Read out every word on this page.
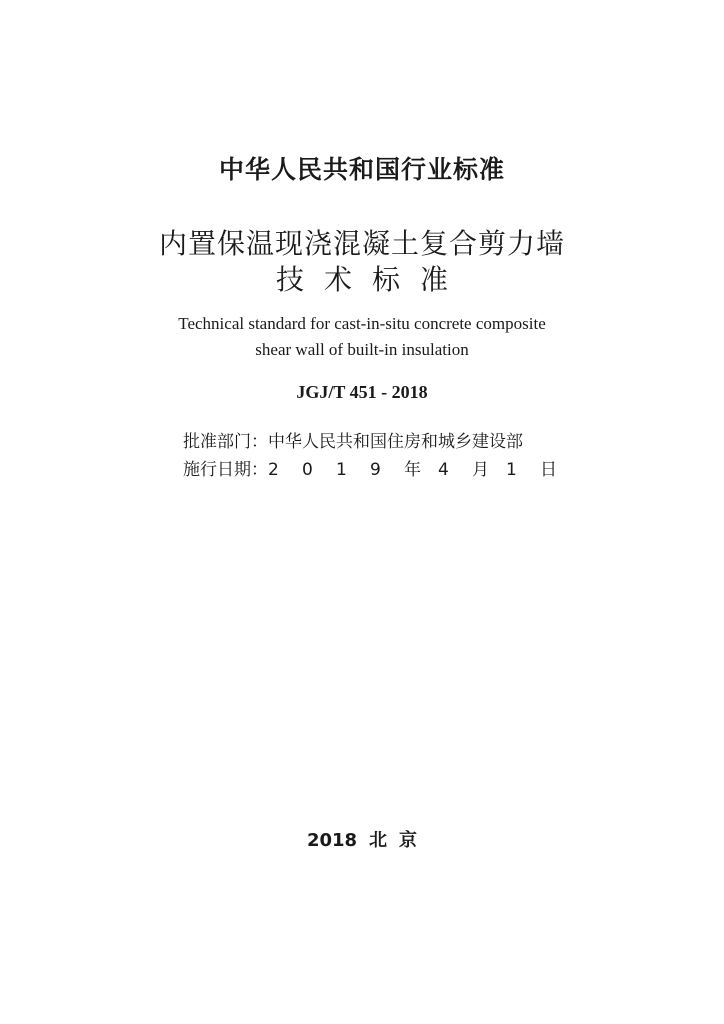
中华人民共和国行业标准
内置保温现浇混凝土复合剪力墙
技 术 标 准
Technical standard for cast-in-situ concrete composite
shear wall of built-in insulation
JGJ/T 451 - 2018
批准部门：中华人民共和国住房和城乡建设部
施行日期：2 0 1 9 年 4 月 1 日
2018 北 京
